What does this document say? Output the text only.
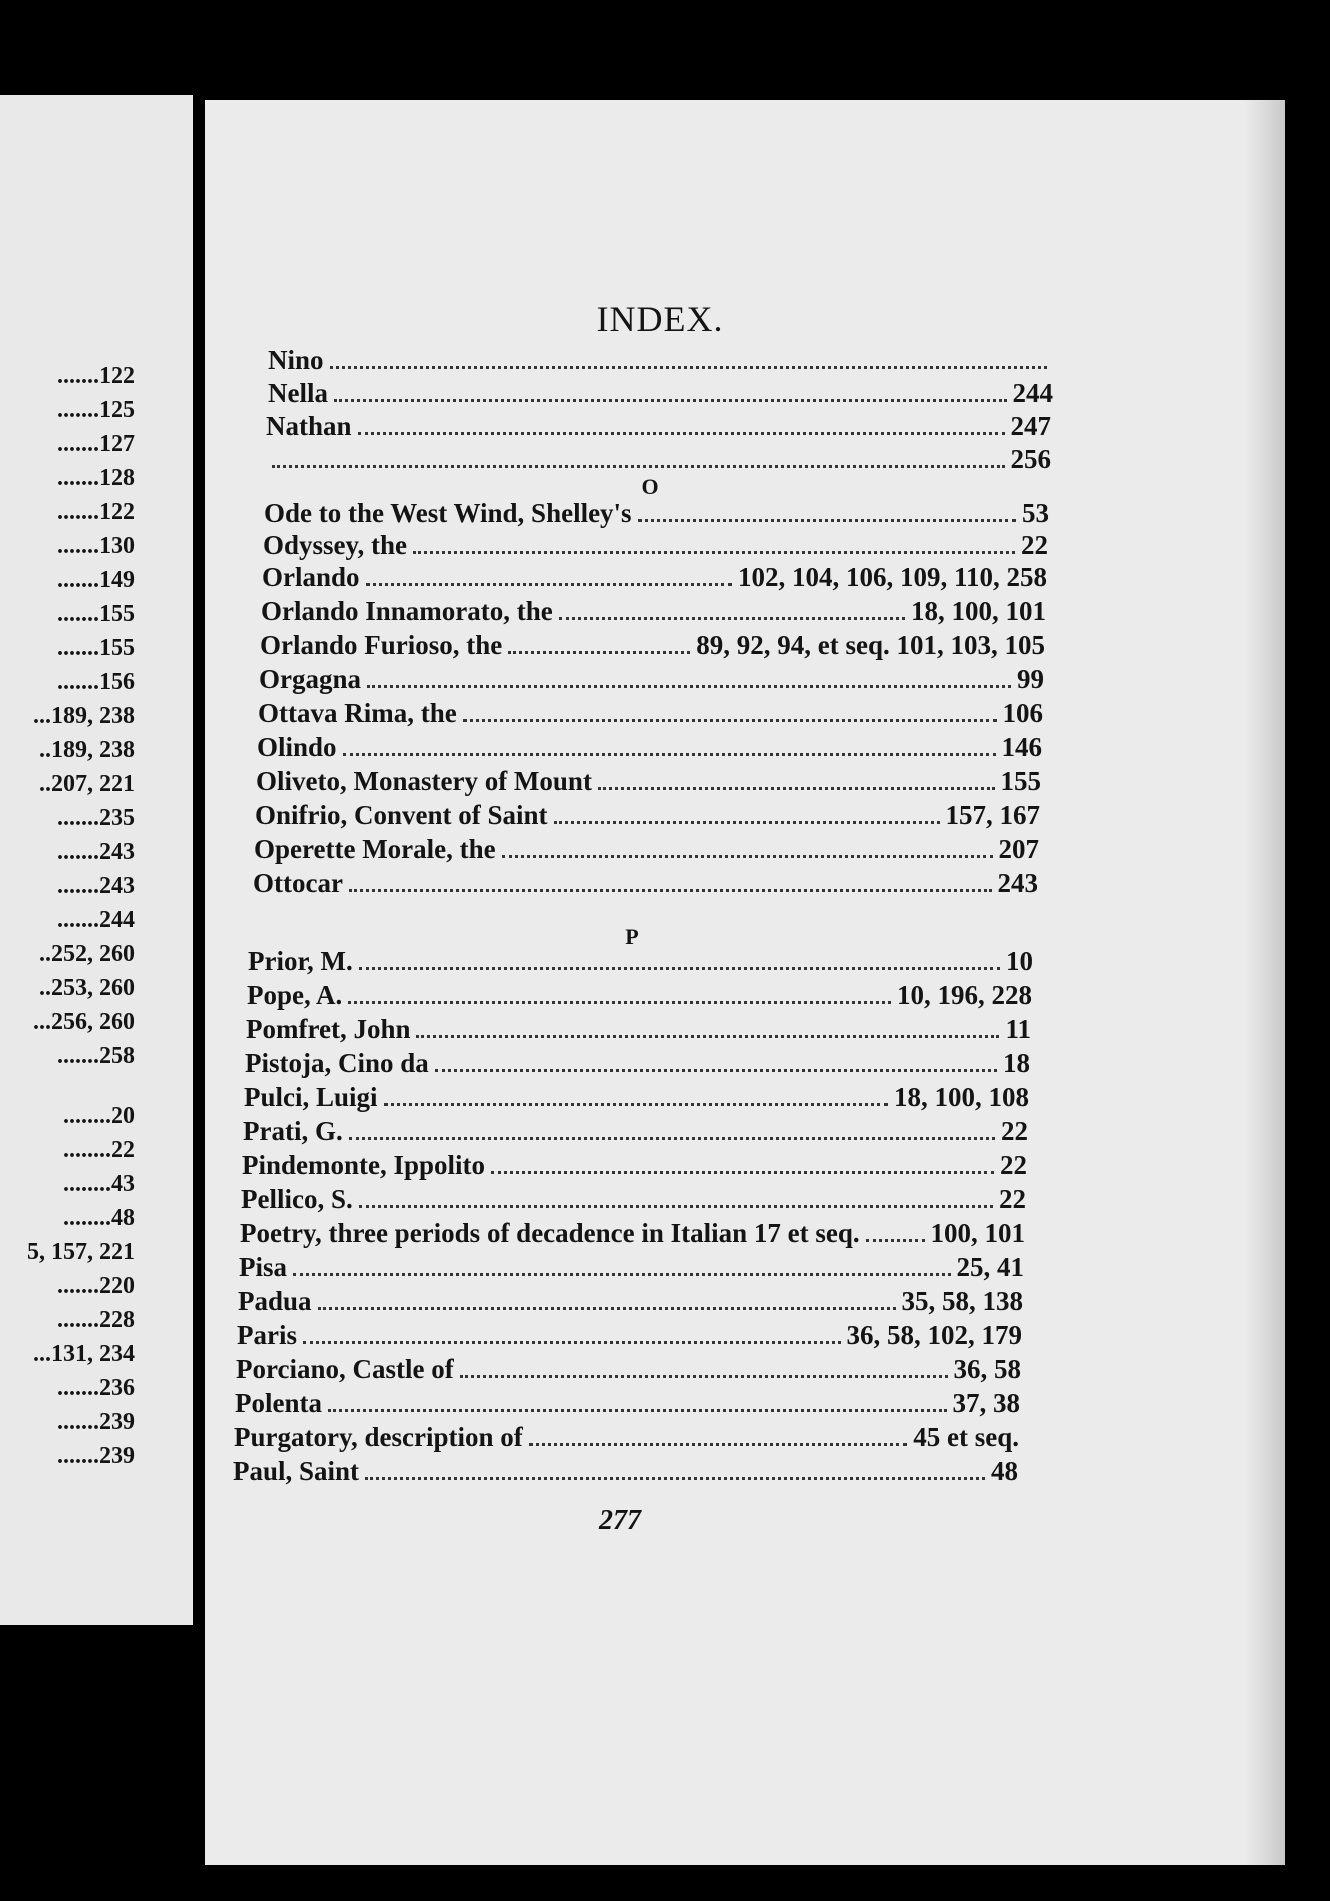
.......122
.......125
.......127
.......128
.......122
.......130
.......149
.......155
.......155
.......156
...189, 238
..189, 238
..207, 221
.......235
.......243
.......243
.......244
..252, 260
..253, 260
...256, 260
.......258
........20
........22
........43
........48
5, 157, 221
.......220
.......228
...131, 234
.......236
.......239
.......239
INDEX.
Nino
Nella	244
Nathan	247
256
O
Ode to the West Wind, Shelley's	53
Odyssey, the	22
Orlando	102, 104, 106, 109, 110, 258
Orlando Innamorato, the	18, 100, 101
Orlando Furioso, the	89, 92, 94, et seq. 101, 103, 105
Orgagna	99
Ottava Rima, the	106
Olindo	146
Oliveto, Monastery of Mount	155
Onifrio, Convent of Saint	157, 167
Operette Morale, the	207
Ottocar	243
P
Prior, M.	10
Pope, A.	10, 196, 228
Pomfret, John	11
Pistoja, Cino da	18
Pulci, Luigi	18, 100, 108
Prati, G.	22
Pindemonte, Ippolito	22
Pellico, S.	22
Poetry, three periods of decadence in Italian 17 et seq.	100, 101
Pisa	25, 41
Padua	35, 58, 138
Paris	36, 58, 102, 179
Porciano, Castle of	36, 58
Polenta	37, 38
Purgatory, description of	45 et seq.
Paul, Saint	48
277
